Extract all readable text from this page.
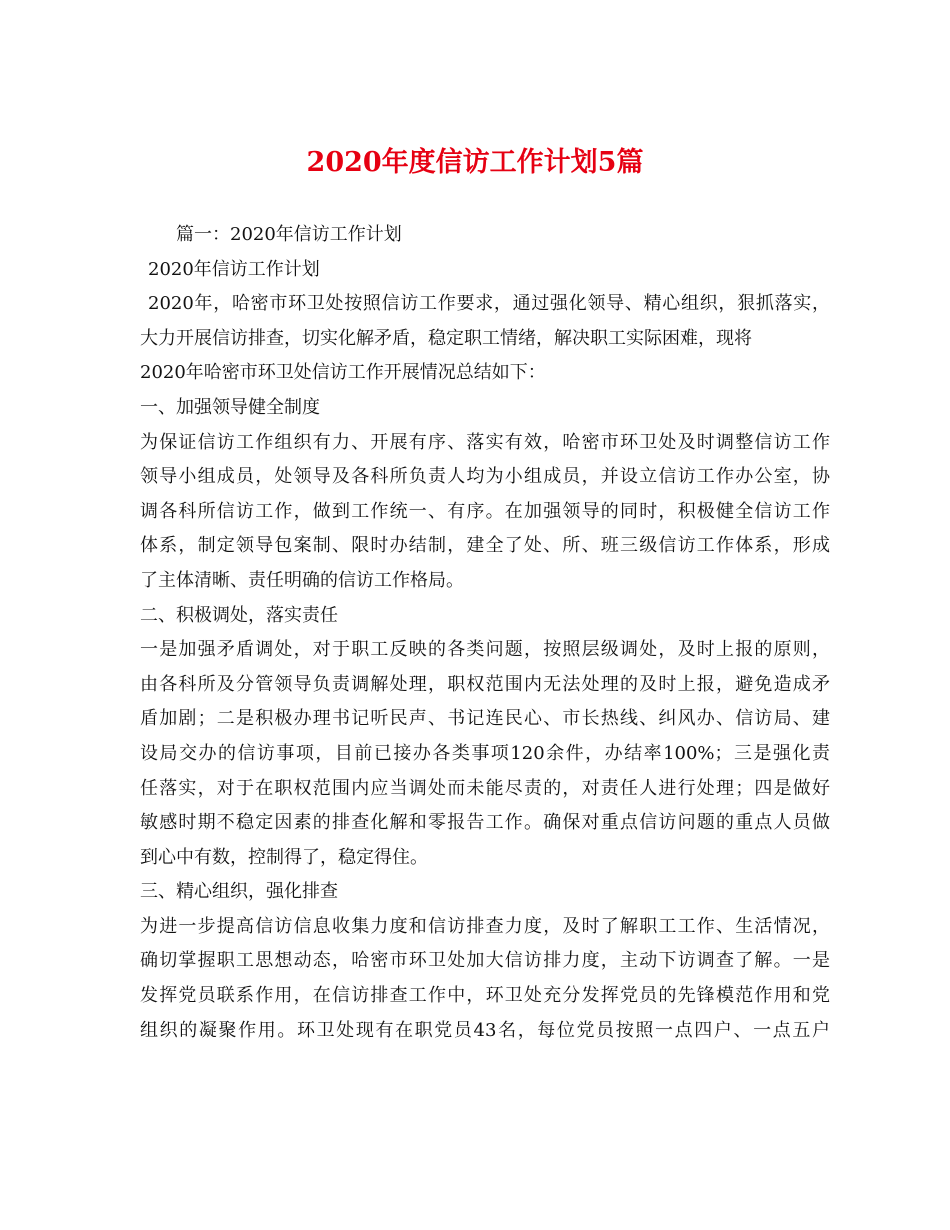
2020年度信访工作计划5篇
篇一：2020年信访工作计划
2020年信访工作计划
2020年，哈密市环卫处按照信访工作要求，通过强化领导、精心组织，狠抓落实，
大力开展信访排查，切实化解矛盾，稳定职工情绪，解决职工实际困难，现将
2020年哈密市环卫处信访工作开展情况总结如下：
一、加强领导健全制度
为保证信访工作组织有力、开展有序、落实有效，哈密市环卫处及时调整信访工作
领导小组成员，处领导及各科所负责人均为小组成员，并设立信访工作办公室，协
调各科所信访工作，做到工作统一、有序。在加强领导的同时，积极健全信访工作
体系，制定领导包案制、限时办结制，建全了处、所、班三级信访工作体系，形成
了主体清晰、责任明确的信访工作格局。
二、积极调处，落实责任
一是加强矛盾调处，对于职工反映的各类问题，按照层级调处，及时上报的原则，
由各科所及分管领导负责调解处理，职权范围内无法处理的及时上报，避免造成矛
盾加剧；二是积极办理书记听民声、书记连民心、市长热线、纠风办、信访局、建
设局交办的信访事项，目前已接办各类事项120余件，办结率100%；三是强化责
任落实，对于在职权范围内应当调处而未能尽责的，对责任人进行处理；四是做好
敏感时期不稳定因素的排查化解和零报告工作。确保对重点信访问题的重点人员做
到心中有数，控制得了，稳定得住。
三、精心组织，强化排查
为进一步提高信访信息收集力度和信访排查力度，及时了解职工工作、生活情况，
确切掌握职工思想动态，哈密市环卫处加大信访排力度，主动下访调查了解。一是
发挥党员联系作用，在信访排查工作中，环卫处充分发挥党员的先锋模范作用和党
组织的凝聚作用。环卫处现有在职党员43名，每位党员按照一点四户、一点五户
